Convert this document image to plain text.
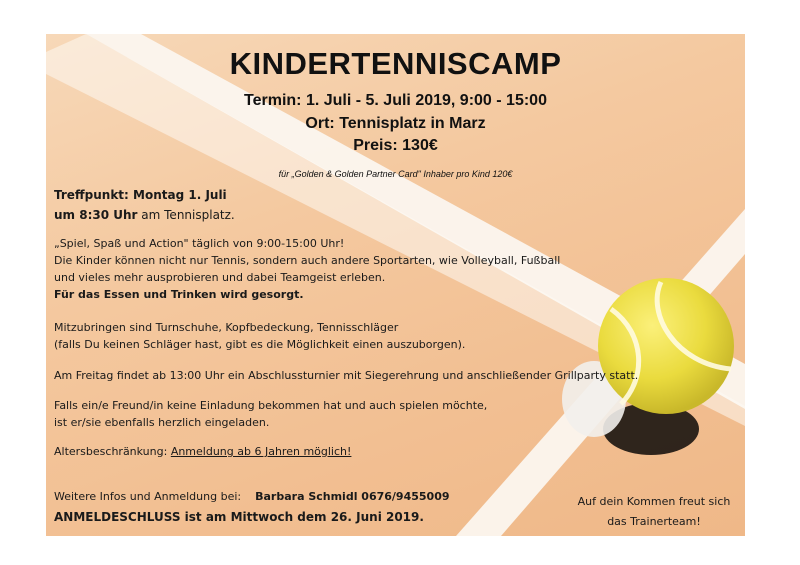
KINDERTENNISCAMP
Termin: 1. Juli - 5. Juli 2019, 9:00 - 15:00
Ort: Tennisplatz in Marz
Preis: 130€
für „Golden & Golden Partner Card" Inhaber pro Kind 120€
Treffpunkt: Montag 1. Juli
um 8:30 Uhr am Tennisplatz.
„Spiel, Spaß und Action" täglich von 9:00-15:00 Uhr!
Die Kinder können nicht nur Tennis, sondern auch andere Sportarten, wie Volleyball, Fußball
und vieles mehr ausprobieren und dabei Teamgeist erleben.
Für das Essen und Trinken wird gesorgt.
Mitzubringen sind Turnschuhe, Kopfbedeckung, Tennisschläger
(falls Du keinen Schläger hast, gibt es die Möglichkeit einen auszuborgen).
Am Freitag findet ab 13:00 Uhr ein Abschlussturnier mit Siegerehrung und anschließender Grillparty statt.
Falls ein/e Freund/in keine Einladung bekommen hat und auch spielen möchte,
ist er/sie ebenfalls herzlich eingeladen.
Altersbeschränkung: Anmeldung ab 6 Jahren möglich!
Weitere Infos und Anmeldung bei: Barbara Schmidl 0676/9455009
ANMELDESCHLUSS ist am Mittwoch dem 26. Juni 2019.
Auf dein Kommen freut sich
das Trainerteam!
